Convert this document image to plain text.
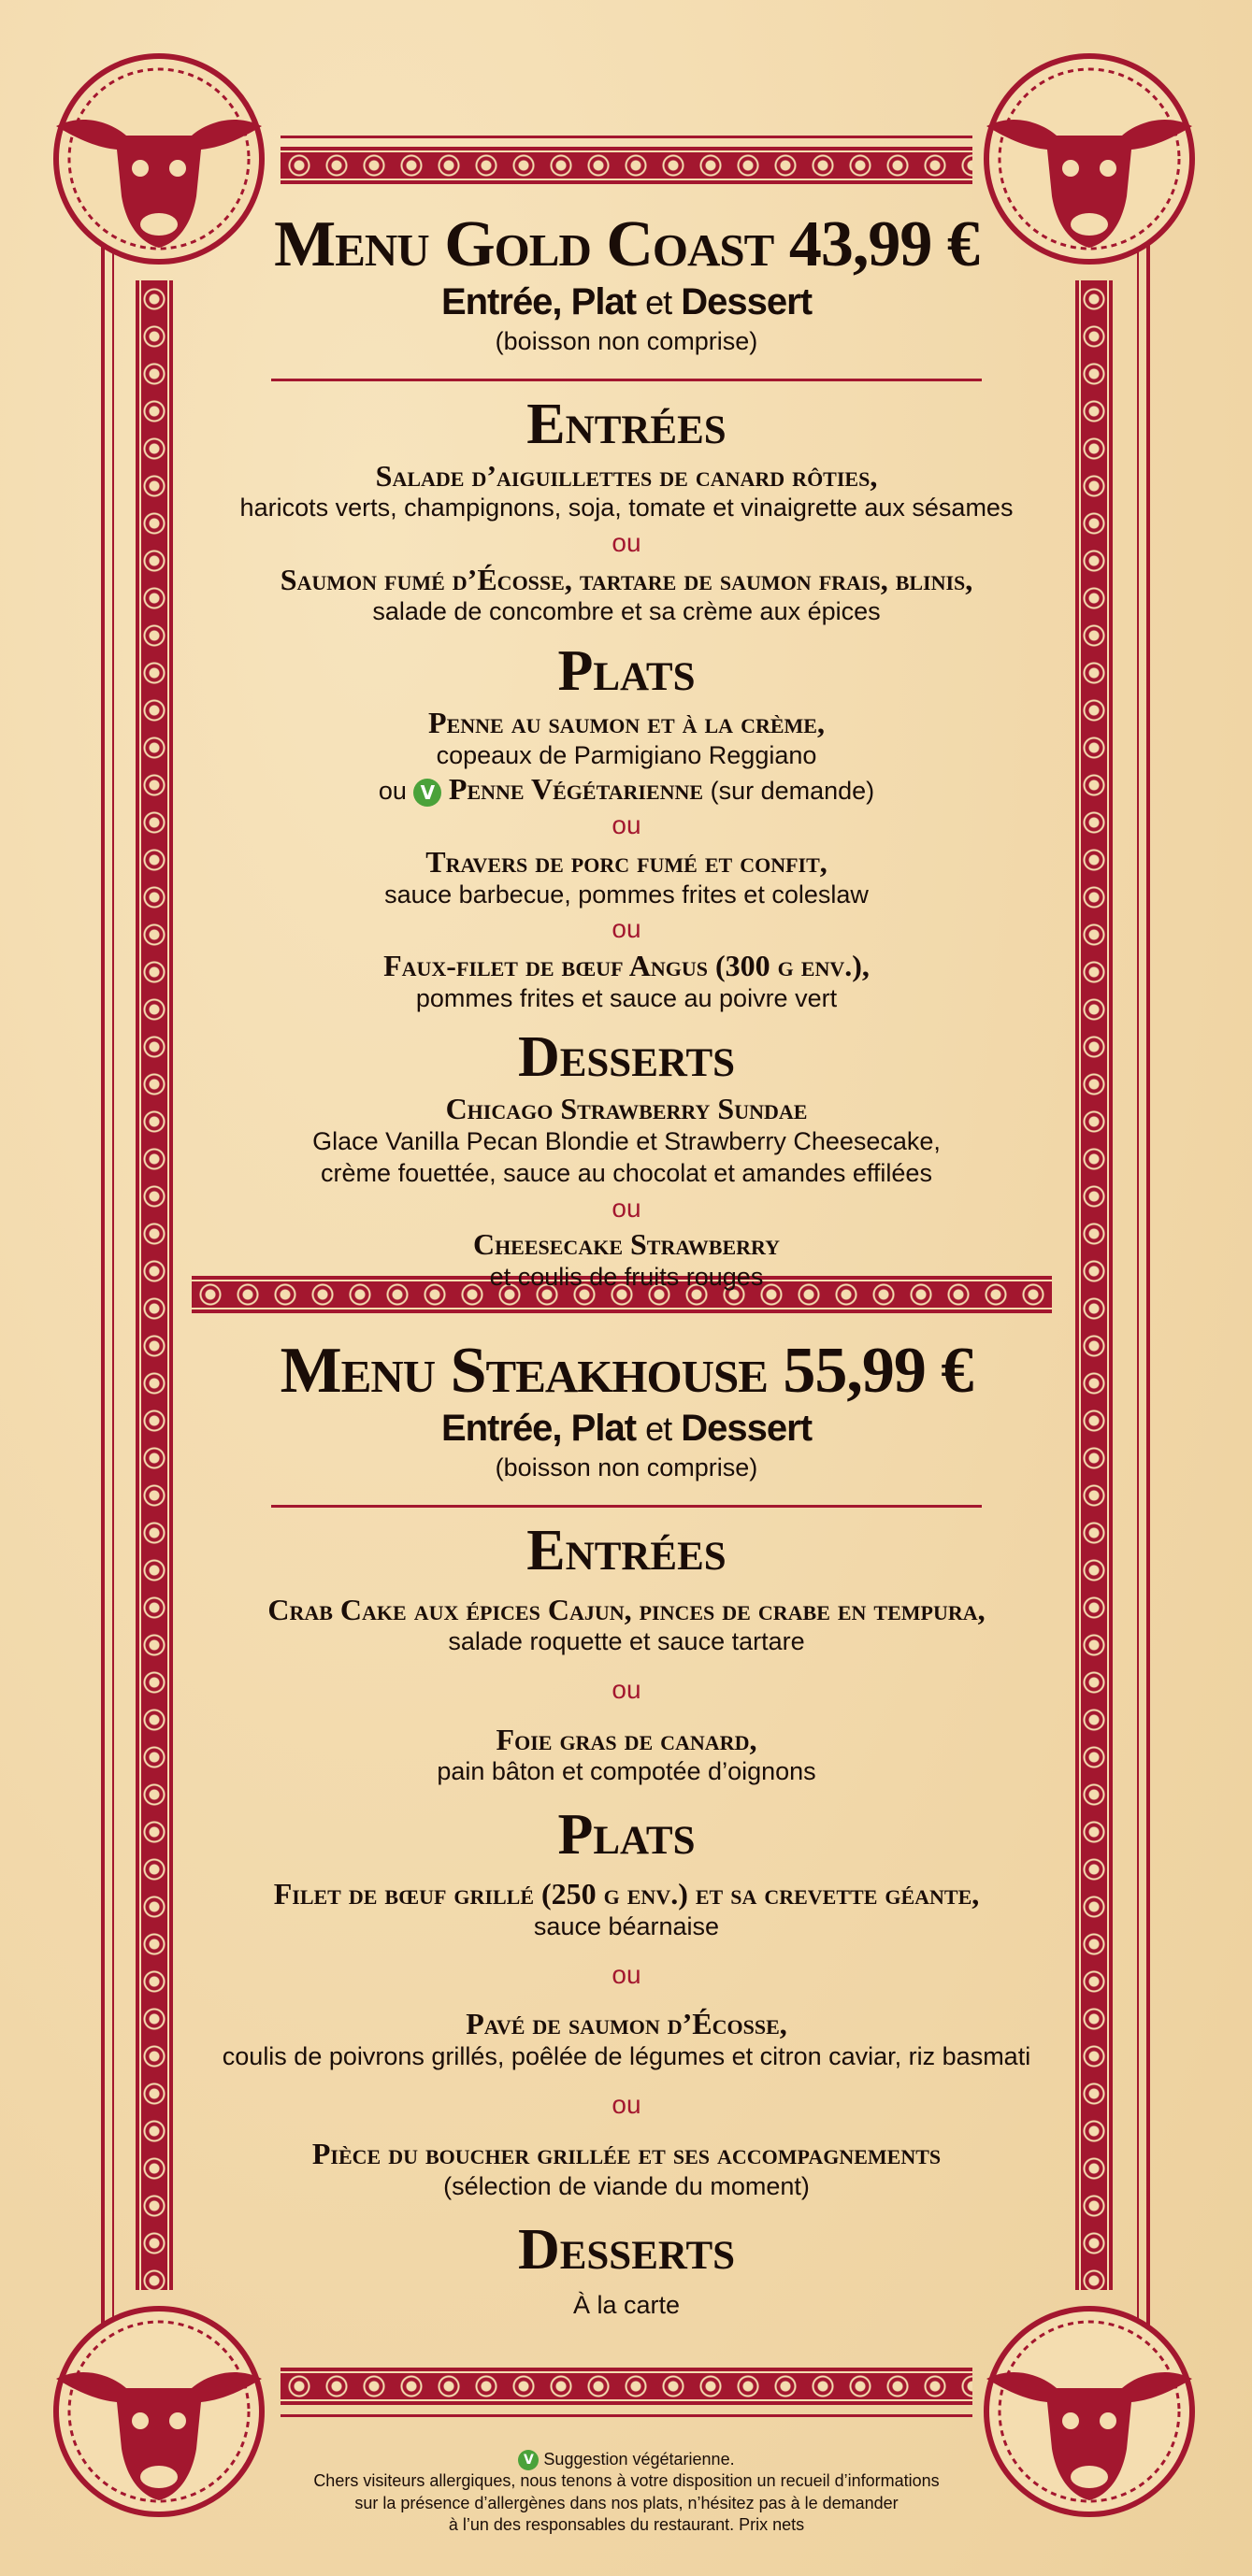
Menu Gold Coast 43,99 €

Entrée, Plat et Dessert

(boisson non comprise)

Entrées

Salade d’aiguillettes de canard rôties,

haricots verts, champignons, soja, tomate et vinaigrette aux sésames

ou

Saumon fumé d’Écosse, tartare de saumon frais, blinis,

salade de concombre et sa crème aux épices

Plats

Penne au saumon et à la crème,

copeaux de Parmigiano Reggiano

ou V Penne Végétarienne (sur demande)

ou

Travers de porc fumé et confit,

sauce barbecue, pommes frites et coleslaw

ou

Faux-filet de bœuf Angus (300 g env.),

pommes frites et sauce au poivre vert

Desserts

Chicago Strawberry Sundae

Glace Vanilla Pecan Blondie et Strawberry Cheesecake,

crème fouettée, sauce au chocolat et amandes effilées

ou

Cheesecake Strawberry

et coulis de fruits rouges

Menu Steakhouse 55,99 €

Entrée, Plat et Dessert

(boisson non comprise)

Entrées

Crab Cake aux épices Cajun, pinces de crabe en tempura,

salade roquette et sauce tartare

ou

Foie gras de canard,

pain bâton et compotée d’oignons

Plats

Filet de bœuf grillé (250 g env.) et sa crevette géante,

sauce béarnaise

ou

Pavé de saumon d’Écosse,

coulis de poivrons grillés, poêlée de légumes et citron caviar, riz basmati

ou

Pièce du boucher grillée et ses accompagnements

(sélection de viande du moment)

Desserts

À la carte

V Suggestion végétarienne.

Chers visiteurs allergiques, nous tenons à votre disposition un recueil d’informations

sur la présence d’allergènes dans nos plats, n’hésitez pas à le demander

à l’un des responsables du restaurant. Prix nets
